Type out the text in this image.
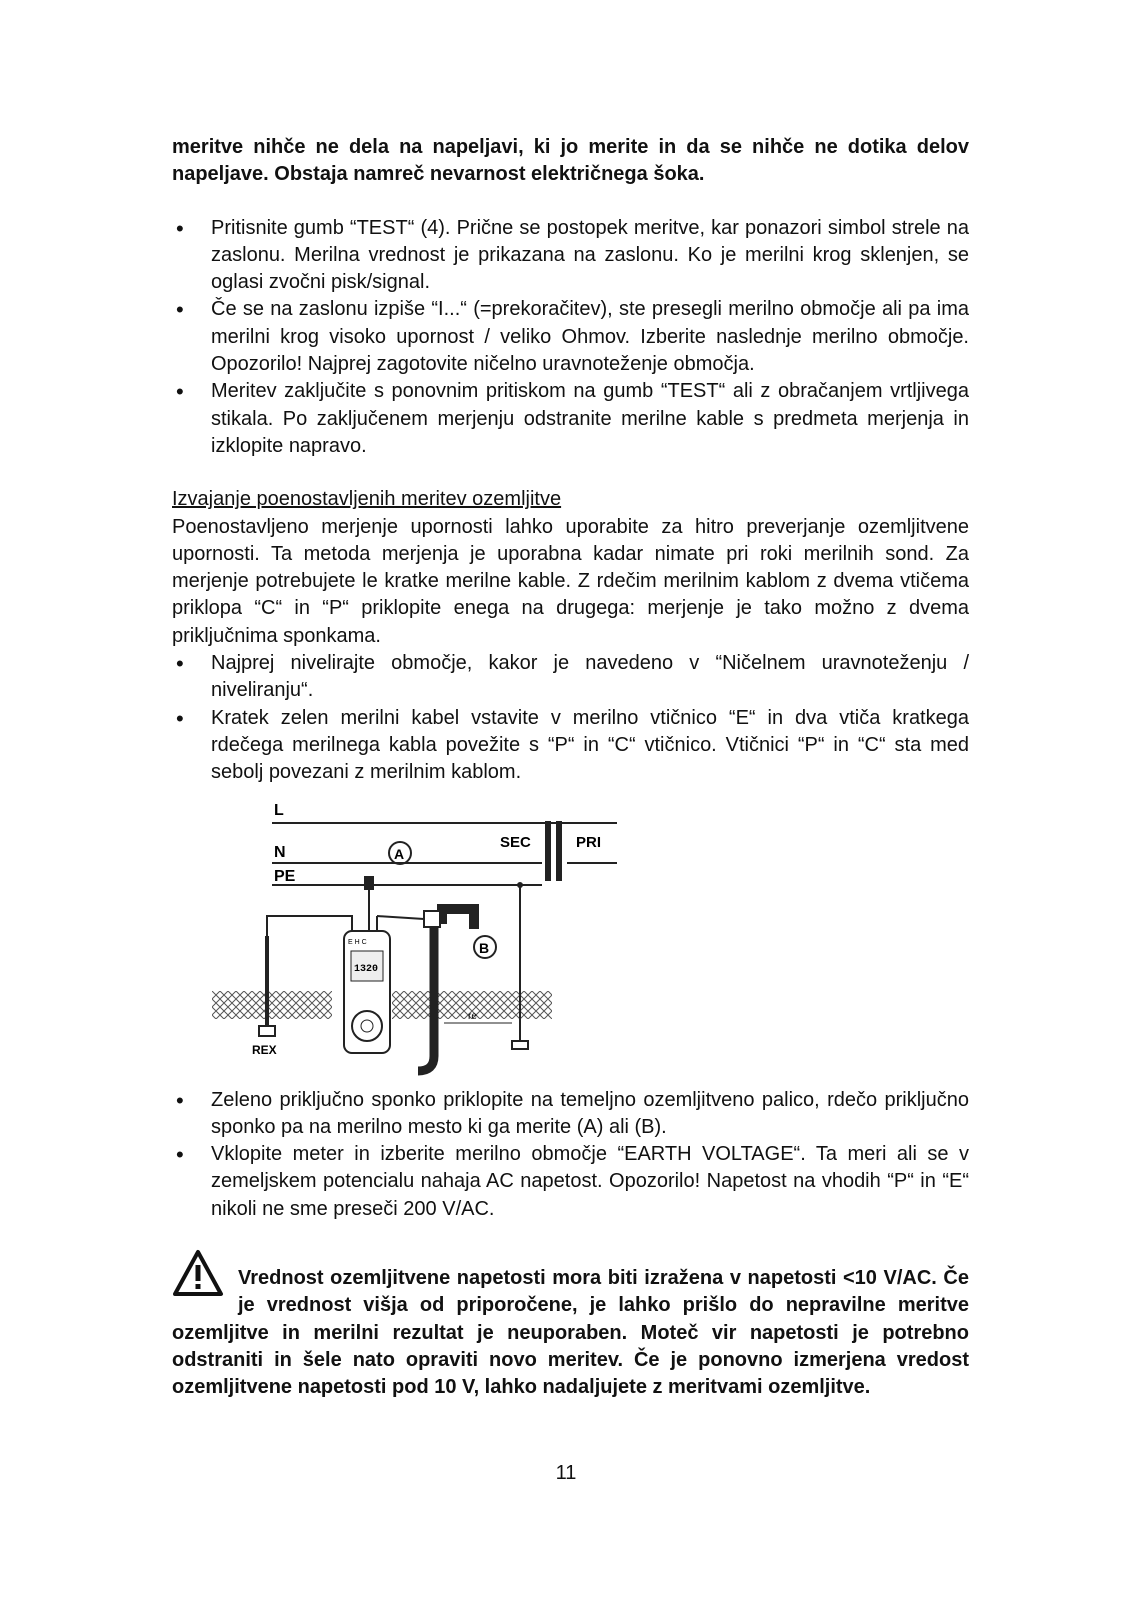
meritve nihče ne dela na napeljavi, ki jo merite in da se nihče ne dotika delov napeljave. Obstaja namreč nevarnost električnega šoka.

• Pritisnite gumb “TEST“ (4). Prične se postopek meritve, kar ponazori simbol strele na zaslonu. Merilna vrednost je prikazana na zaslonu. Ko je merilni krog sklenjen, se oglasi zvočni pisk/signal.
• Če se na zaslonu izpiše “I...“ (=prekoračitev), ste presegli merilno območje ali pa ima merilni krog visoko upornost / veliko Ohmov. Izberite naslednje merilno območje. Opozorilo! Najprej zagotovite ničelno uravnoteženje območja.
• Meritev zaključite s ponovnim pritiskom na gumb “TEST“ ali z obračanjem vrtljivega stikala. Po zaključenem merjenju odstranite merilne kable s predmeta merjenja in izklopite napravo.

Izvajanje poenostavljenih meritev ozemljitve

Poenostavljeno merjenje upornosti lahko uporabite za hitro preverjanje ozemljitvene upornosti. Ta metoda merjenja je uporabna kadar nimate pri roki merilnih sond. Za merjenje potrebujete le kratke merilne kable. Z rdečim merilnim kablom z dvema vtičema priklopa “C“ in “P“ priklopite enega na drugega: merjenje je tako možno z dvema priključnima sponkama.

• Najprej nivelirajte območje, kakor je navedeno v “Ničelnem uravnoteženju / niveliranju“.
• Kratek zelen merilni kabel vstavite v merilno vtičnico “E“ in dva vtiča kratkega rdečega merilnega kabla povežite s “P“ in “C“ vtičnico. Vtičnici “P“ in “C“ sta med sebolj povezani z merilnim kablom.
L
N
PE
A
SEC	PRI
B
re
REX
E H C
1320
• Zeleno priključno sponko priklopite na temeljno ozemljitveno palico, rdečo priključno sponko pa na merilno mesto ki ga merite (A) ali (B).
• Vklopite meter in izberite merilno območje “EARTH VOLTAGE“. Ta meri ali se v zemeljskem potencialu nahaja AC napetost. Opozorilo! Napetost na vhodih “P“ in “E“ nikoli ne sme preseči 200 V/AC.

Vrednost ozemljitvene napetosti mora biti izražena v napetosti <10 V/AC. Če je vrednost višja od priporočene, je lahko prišlo do nepravilne meritve ozemljitve in merilni rezultat je neuporaben. Moteč vir napetosti je potrebno odstraniti in šele nato opraviti novo meritev. Če je ponovno izmerjena vredost ozemljitvene napetosti pod 10 V, lahko nadaljujete z meritvami ozemljitve.

11
